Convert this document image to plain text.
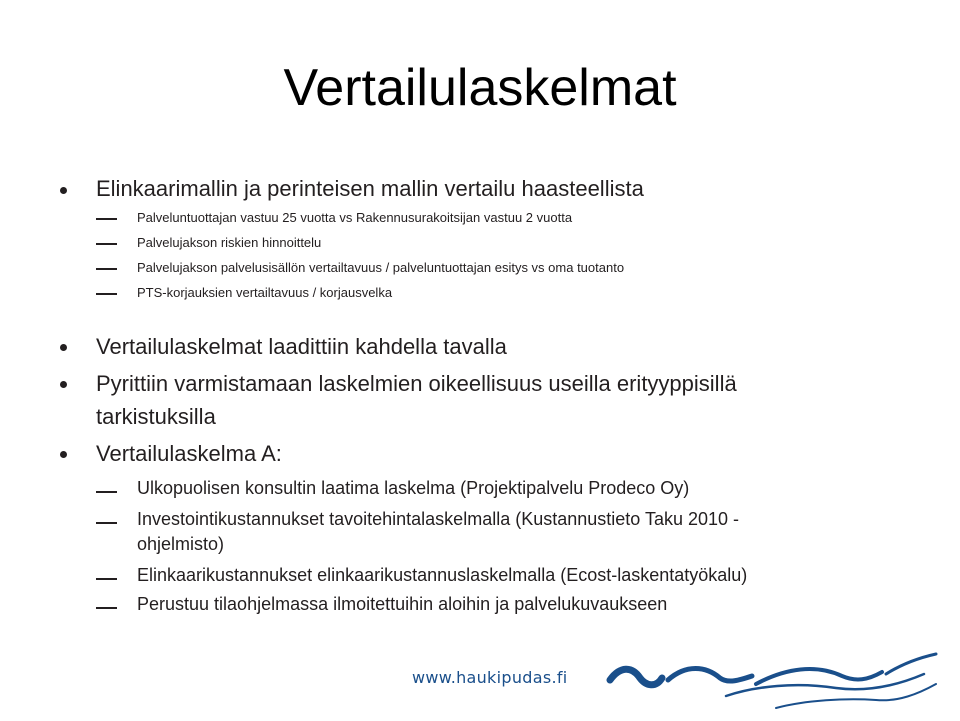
Vertailulaskelmat
Elinkaarimallin ja perinteisen mallin vertailu haasteellista
Palveluntuottajan vastuu 25 vuotta vs Rakennusurakoitsijan vastuu 2 vuotta
Palvelujakson riskien hinnoittelu
Palvelujakson palvelusisällön vertailtavuus / palveluntuottajan esitys vs oma tuotanto
PTS-korjauksien vertailtavuus / korjausvelka
Vertailulaskelmat laadittiin kahdella tavalla
Pyrittiin varmistamaan laskelmien oikeellisuus useilla erityyppisillä
tarkistuksilla
Vertailulaskelma A:
Ulkopuolisen konsultin laatima laskelma (Projektipalvelu Prodeco Oy)
Investointikustannukset tavoitehintalaskelmalla (Kustannustieto Taku 2010 -
ohjelmisto)
Elinkaarikustannukset elinkaarikustannuslaskelmalla (Ecost-laskentatyökalu)
Perustuu tilaohjelmassa ilmoitettuihin aloihin ja palvelukuvaukseen
www.haukipudas.fi
